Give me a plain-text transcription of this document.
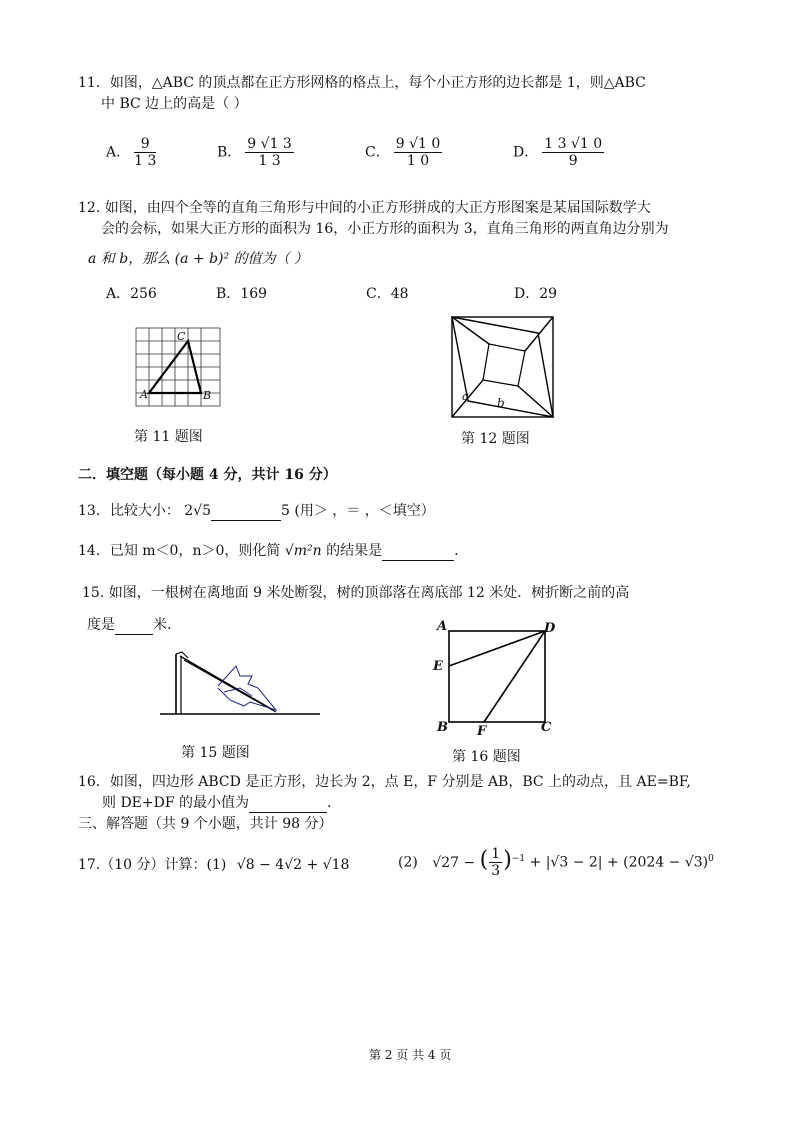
11．如图，△ABC 的顶点都在正方形网格的格点上，每个小正方形的边长都是 1，则△ABC
中 BC 边上的高是（ ）
A． $\frac{9}{1 3}$	B． $\frac{9 √1 3}{1 3}$	C． $\frac{9 √1 0}{1 0}$	D． $\frac{1 3 √1 0}{9}$
12. 如图，由四个全等的直角三角形与中间的小正方形拼成的大正方形图案是某届国际数学大
会的会标，如果大正方形的面积为 16，小正方形的面积为 3，直角三角形的两直角边分别为
a 和 b，那么 (a + b)² 的值为（ ）
A．256	B．169	C．48	D．29
A	B
C
第 11 题图
a b
第 12 题图
二．填空题（每小题 4 分，共计 16 分）
13．比较大小： 2√5	5 (用＞ ，＝ ，＜填空）
14．已知 m＜0，n＞0，则化简 √m²n 的结果是	.
15. 如图，一根树在离地面 9 米处断裂，树的顶部落在离底部 12 米处．树折断之前的高
度是	米.
第 15 题图
A	D
E
B F	C
第 16 题图
16．如图，四边形 ABCD 是正方形，边长为 2，点 E，F 分别是 AB，BC 上的动点，且 AE=BF,
则 DE+DF 的最小值为	.
三、解答题（共 9 个小题，共计 98 分）
17.（10 分）计算：(1) √8 − 4√2 + √18	(2) √27 − ( $\frac{1}{3} )^{-1} + |√3 - 2| + (2024 - √3)^0$
第 2 页 共 4 页
